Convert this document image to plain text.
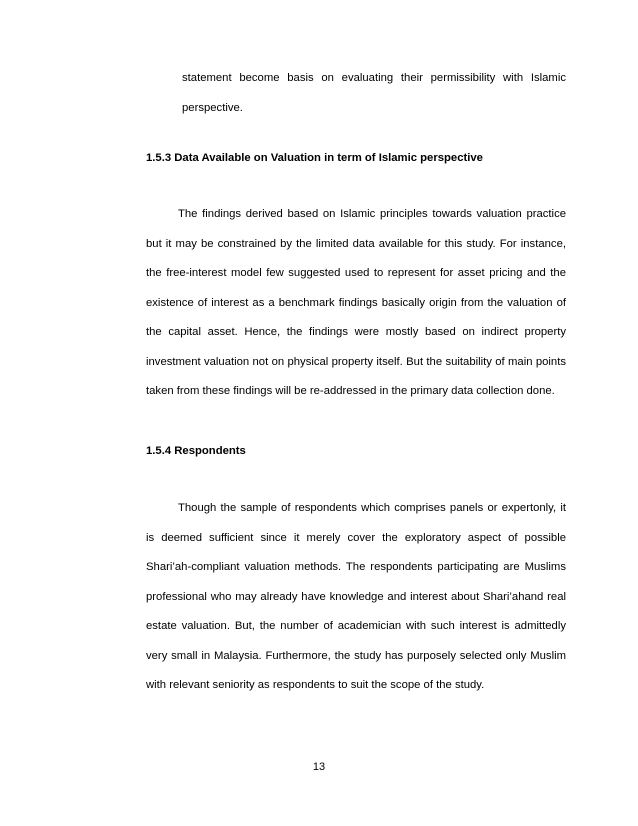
statement become basis on evaluating their permissibility with Islamic perspective.

1.5.3 Data Available on Valuation in term of Islamic perspective

The findings derived based on Islamic principles towards valuation practice but it may be constrained by the limited data available for this study. For instance, the free-interest model few suggested used to represent for asset pricing and the existence of interest as a benchmark findings basically origin from the valuation of the capital asset. Hence, the findings were mostly based on indirect property investment valuation not on physical property itself. But the suitability of main points taken from these findings will be re-addressed in the primary data collection done.

1.5.4 Respondents

Though the sample of respondents which comprises panels or expertonly, it is deemed sufficient since it merely cover the exploratory aspect of possible Shari’ah-compliant valuation methods. The respondents participating are Muslims professional who may already have knowledge and interest about Shari’ahand real estate valuation. But, the number of academician with such interest is admittedly very small in Malaysia. Furthermore, the study has purposely selected only Muslim with relevant seniority as respondents to suit the scope of the study.

13
